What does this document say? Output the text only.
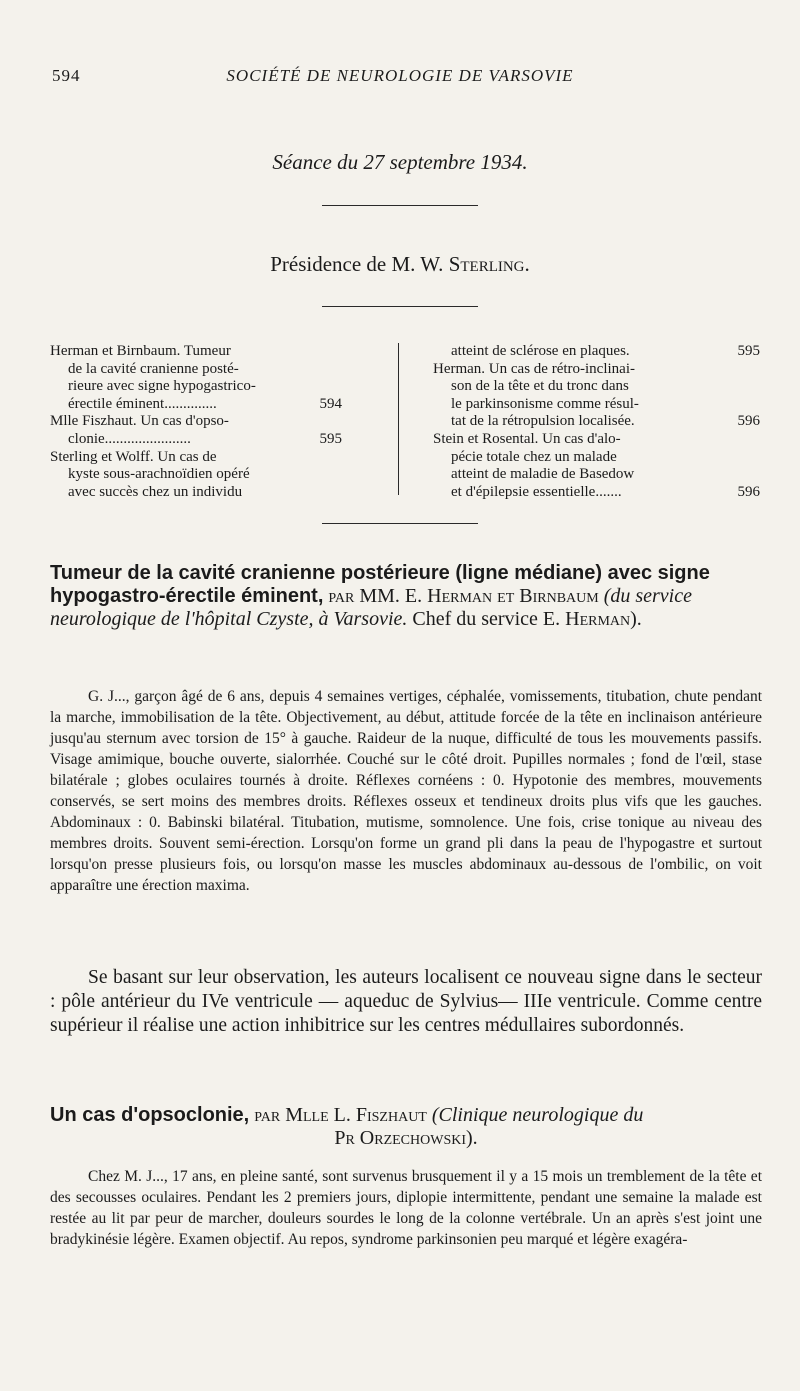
594	SOCIÉTÉ DE NEUROLOGIE DE VARSOVIE
Séance du 27 septembre 1934.
Présidence de M. W. Sterling.
Herman et Birnbaum. Tumeur
de la cavité cranienne posté-
rieure avec signe hypogastrico-
érectile éminent..............	594
Mlle Fiszhaut. Un cas d'opso-
clonie.......................	595
Sterling et Wolff. Un cas de
kyste sous-arachnoïdien opéré
avec succès chez un individu
atteint de sclérose en plaques.	595
Herman. Un cas de rétro-inclinai-
son de la tête et du tronc dans
le parkinsonisme comme résul-
tat de la rétropulsion localisée.	596
Stein et Rosental. Un cas d'alo-
pécie totale chez un malade
atteint de maladie de Basedow
et d'épilepsie essentielle.......	596
Tumeur de la cavité cranienne postérieure (ligne médiane) avec signe hypogastro-érectile éminent, par MM. E. Herman et Birnbaum (du service neurologique de l'hôpital Czyste, à Varsovie. Chef du service E. Herman).
G. J..., garçon âgé de 6 ans, depuis 4 semaines vertiges, céphalée, vomissements, titubation, chute pendant la marche, immobilisation de la tête. Objectivement, au début, attitude forcée de la tête en inclinaison antérieure jusqu'au sternum avec torsion de 15° à gauche. Raideur de la nuque, difficulté de tous les mouvements passifs. Visage amimique, bouche ouverte, sialorrhée. Couché sur le côté droit. Pupilles normales ; fond de l'œil, stase bilatérale ; globes oculaires tournés à droite. Réflexes cornéens : 0. Hypotonie des membres, mouvements conservés, se sert moins des membres droits. Réflexes osseux et tendineux droits plus vifs que les gauches. Abdominaux : 0. Babinski bilatéral. Titubation, mutisme, somnolence. Une fois, crise tonique au niveau des membres droits. Souvent semi-érection. Lorsqu'on forme un grand pli dans la peau de l'hypogastre et surtout lorsqu'on presse plusieurs fois, ou lorsqu'on masse les muscles abdominaux au-dessous de l'ombilic, on voit apparaître une érection maxima.
Se basant sur leur observation, les auteurs localisent ce nouveau signe dans le secteur : pôle antérieur du IVe ventricule — aqueduc de Sylvius— IIIe ventricule. Comme centre supérieur il réalise une action inhibitrice sur les centres médullaires subordonnés.
Un cas d'opsoclonie, par Mlle L. Fiszhaut (Clinique neurologique du

Pr Orzechowski).
Chez M. J..., 17 ans, en pleine santé, sont survenus brusquement il y a 15 mois un tremblement de la tête et des secousses oculaires. Pendant les 2 premiers jours, diplopie intermittente, pendant une semaine la malade est restée au lit par peur de marcher, douleurs sourdes le long de la colonne vertébrale. Un an après s'est joint une bradykinésie légère. Examen objectif. Au repos, syndrome parkinsonien peu marqué et légère exagéra-
